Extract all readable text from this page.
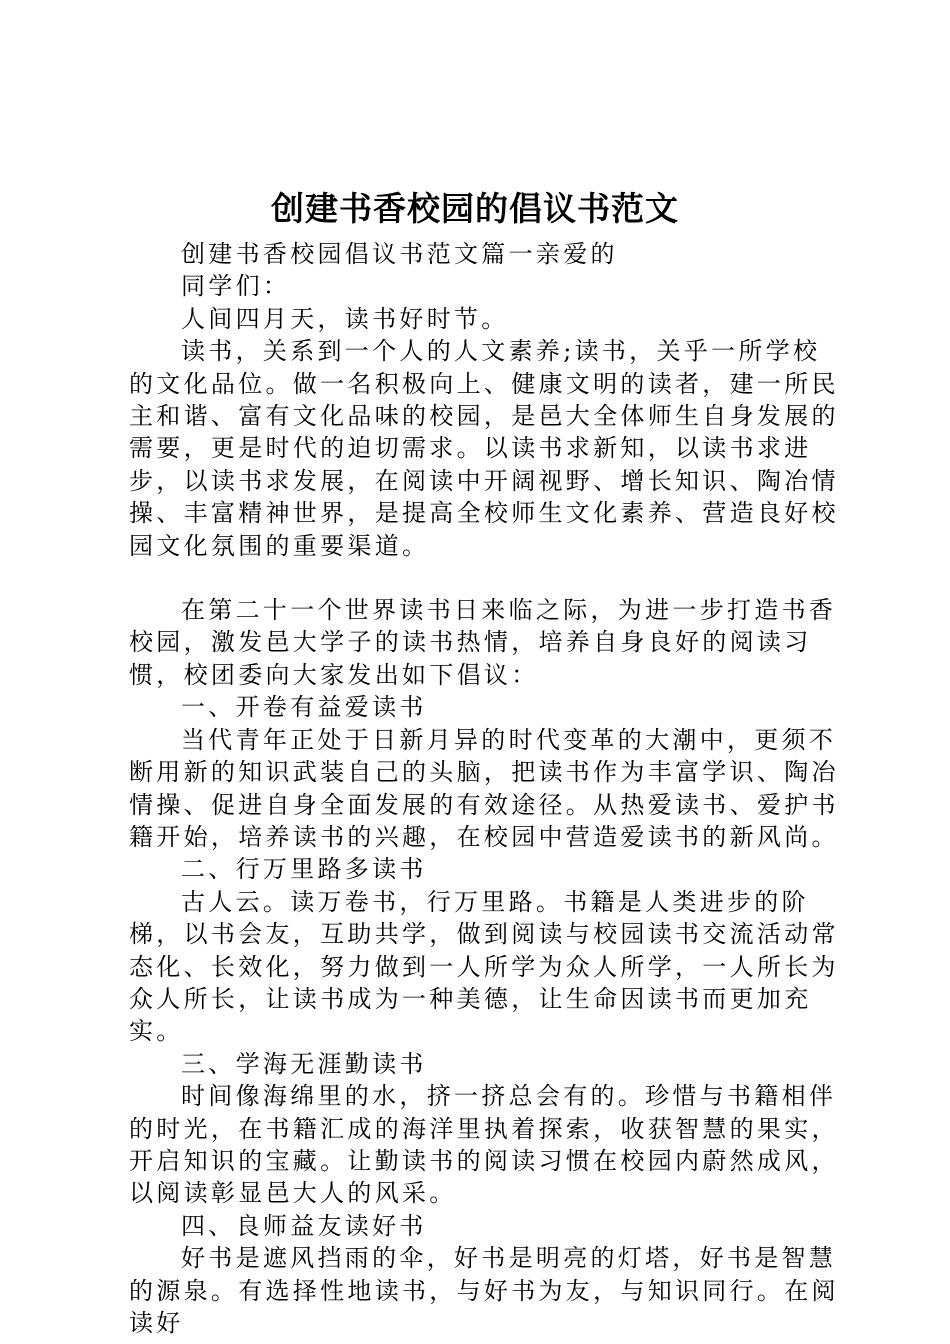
创建书香校园的倡议书范文

创建书香校园倡议书范文篇一亲爱的

同学们：

人间四月天，读书好时节。

读书，关系到一个人的人文素养;读书，关乎一所学校的文化品位。做一名积极向上、健康文明的读者，建一所民主和谐、富有文化品味的校园，是邑大全体师生自身发展的需要，更是时代的迫切需求。以读书求新知，以读书求进步，以读书求发展，在阅读中开阔视野、增长知识、陶冶情操、丰富精神世界，是提高全校师生文化素养、营造良好校园文化氛围的重要渠道。

在第二十一个世界读书日来临之际，为进一步打造书香校园，激发邑大学子的读书热情，培养自身良好的阅读习惯，校团委向大家发出如下倡议：

一、开卷有益爱读书

当代青年正处于日新月异的时代变革的大潮中，更须不断用新的知识武装自己的头脑，把读书作为丰富学识、陶冶情操、促进自身全面发展的有效途径。从热爱读书、爱护书籍开始，培养读书的兴趣，在校园中营造爱读书的新风尚。

二、行万里路多读书

古人云。读万卷书，行万里路。书籍是人类进步的阶梯，以书会友，互助共学，做到阅读与校园读书交流活动常态化、长效化，努力做到一人所学为众人所学，一人所长为众人所长，让读书成为一种美德，让生命因读书而更加充实。

三、学海无涯勤读书

时间像海绵里的水，挤一挤总会有的。珍惜与书籍相伴的时光，在书籍汇成的海洋里执着探索，收获智慧的果实，开启知识的宝藏。让勤读书的阅读习惯在校园内蔚然成风，以阅读彰显邑大人的风采。

四、良师益友读好书

好书是遮风挡雨的伞，好书是明亮的灯塔，好书是智慧的源泉。有选择性地读书，与好书为友，与知识同行。在阅读好
